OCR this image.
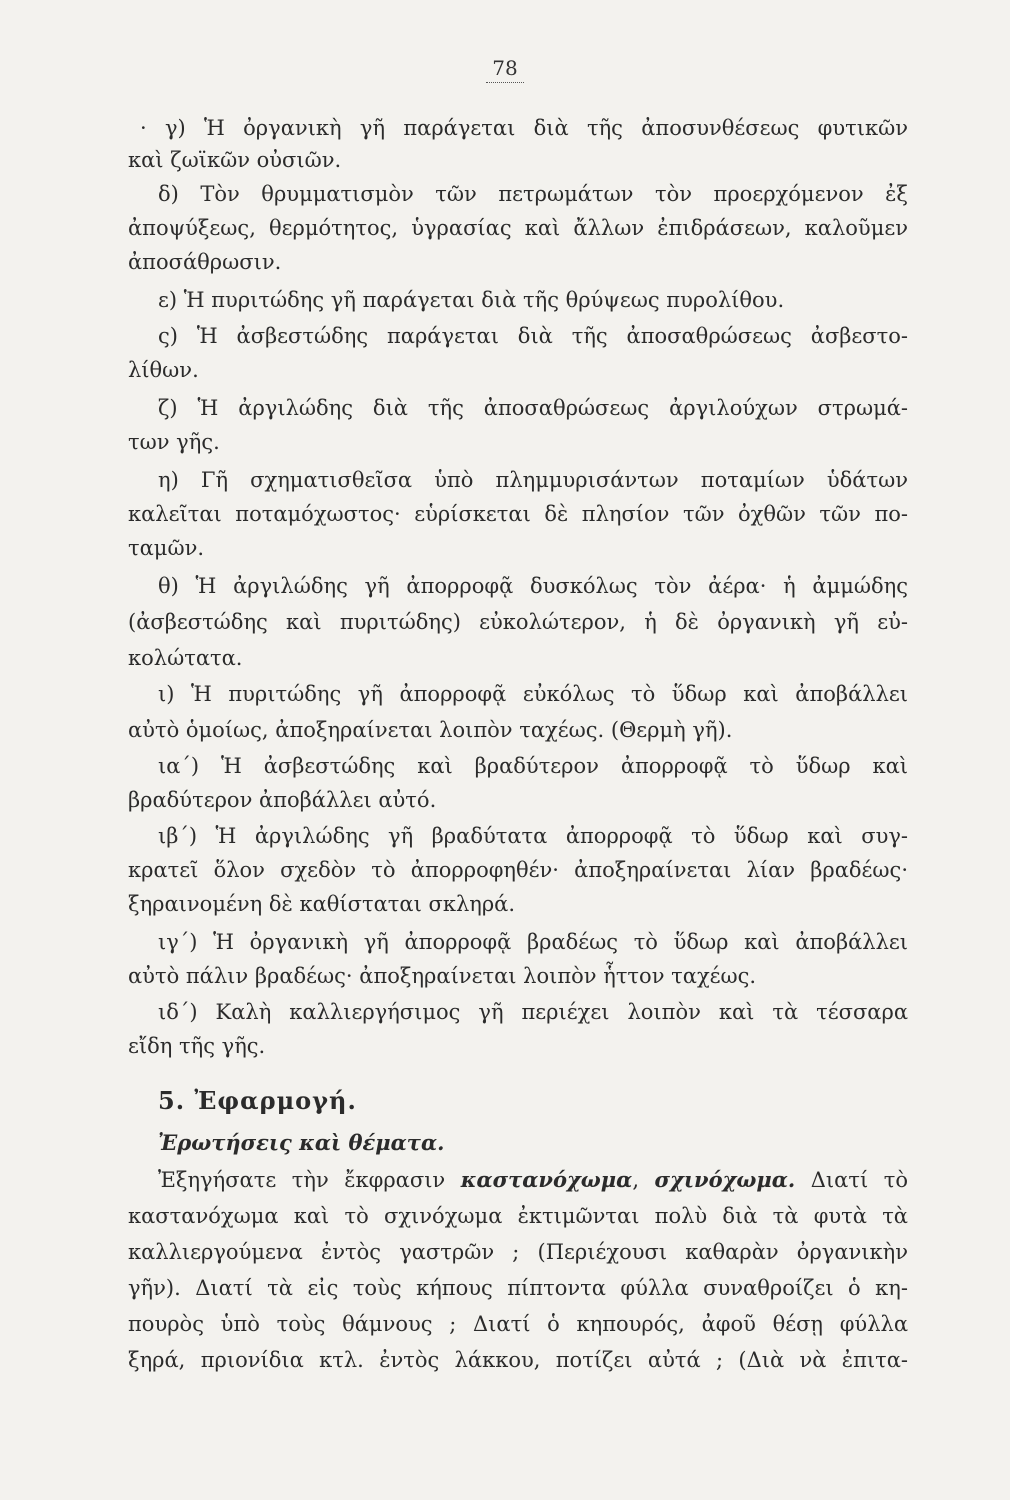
78
· γ) Ἡ ὀργανικὴ γῆ παράγεται διὰ τῆς ἀποσυνθέσεως φυτικῶν
καὶ ζωϊκῶν οὐσιῶν.
δ) Τὸν θρυμματισμὸν τῶν πετρωμάτων τὸν προερχόμενον ἐξ
ἀποψύξεως, θερμότητος, ὑγρασίας καὶ ἄλλων ἐπιδράσεων, καλοῦμεν
ἀποσάθρωσιν.
ε) Ἡ πυριτώδης γῆ παράγεται διὰ τῆς θρύψεως πυρολίθου.
ς) Ἡ ἀσβεστώδης παράγεται διὰ τῆς ἀποσαθρώσεως ἀσβεστο-
λίθων.
ζ) Ἡ ἀργιλώδης διὰ τῆς ἀποσαθρώσεως ἀργιλούχων στρωμά-
των γῆς.
η) Γῆ σχηματισθεῖσα ὑπὸ πλημμυρισάντων ποταμίων ὑδάτων
καλεῖται ποταμόχωστος· εὑρίσκεται δὲ πλησίον τῶν ὀχθῶν τῶν πο-
ταμῶν.
θ) Ἡ ἀργιλώδης γῆ ἀπορροφᾷ δυσκόλως τὸν ἀέρα· ἡ ἀμμώδης
(ἀσβεστώδης καὶ πυριτώδης) εὐκολώτερον, ἡ δὲ ὀργανικὴ γῆ εὐ-
κολώτατα.
ι) Ἡ πυριτώδης γῆ ἀπορροφᾷ εὐκόλως τὸ ὕδωρ καὶ ἀποβάλλει
αὐτὸ ὁμοίως, ἀποξηραίνεται λοιπὸν ταχέως. (Θερμὴ γῆ).
ια΄) Ἡ ἀσβεστώδης καὶ βραδύτερον ἀπορροφᾷ τὸ ὕδωρ καὶ
βραδύτερον ἀποβάλλει αὐτό.
ιβ΄) Ἡ ἀργιλώδης γῆ βραδύτατα ἀπορροφᾷ τὸ ὕδωρ καὶ συγ-
κρατεῖ ὅλον σχεδὸν τὸ ἀπορροφηθέν· ἀποξηραίνεται λίαν βραδέως·
ξηραινομένη δὲ καθίσταται σκληρά.
ιγ΄) Ἡ ὀργανικὴ γῆ ἀπορροφᾷ βραδέως τὸ ὕδωρ καὶ ἀποβάλλει
αὐτὸ πάλιν βραδέως· ἀποξηραίνεται λοιπὸν ἧττον ταχέως.
ιδ΄) Καλὴ καλλιεργήσιμος γῆ περιέχει λοιπὸν καὶ τὰ τέσσαρα
εἴδη τῆς γῆς.
5. Ἐφαρμογή.
Ἐρωτήσεις καὶ θέματα.
Ἐξηγήσατε τὴν ἔκφρασιν καστανόχωμα, σχινόχωμα. Διατί τὸ
καστανόχωμα καὶ τὸ σχινόχωμα ἐκτιμῶνται πολὺ διὰ τὰ φυτὰ τὰ
καλλιεργούμενα ἐντὸς γαστρῶν ; (Περιέχουσι καθαρὰν ὀργανικὴν
γῆν). Διατί τὰ εἰς τοὺς κήπους πίπτοντα φύλλα συναθροίζει ὁ κη-
πουρὸς ὑπὸ τοὺς θάμνους ; Διατί ὁ κηπουρός, ἀφοῦ θέσῃ φύλλα
ξηρά, πριονίδια κτλ. ἐντὸς λάκκου, ποτίζει αὐτά ; (Διὰ νὰ ἐπιτα-
